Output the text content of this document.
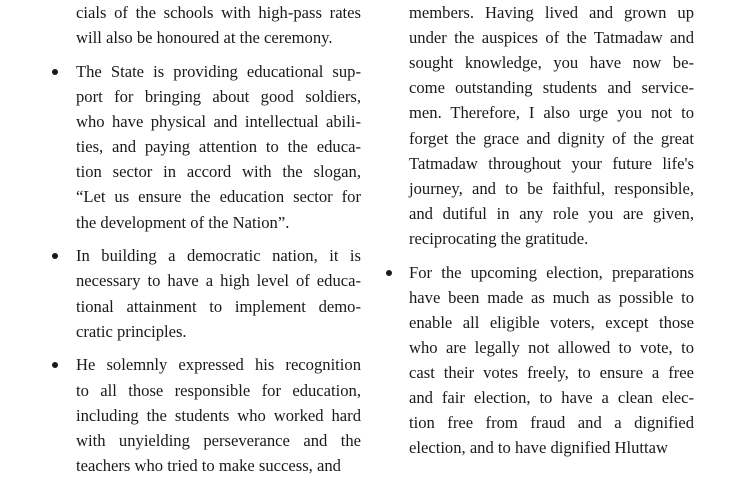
cials of the schools with high-pass rates
will also be honoured at the ceremony.
The State is providing educational sup-
port for bringing about good soldiers,
who have physical and intellectual abili-
ties, and paying attention to the educa-
tion sector in accord with the slogan,
“Let us ensure the education sector for
the development of the Nation”.
In building a democratic nation, it is
necessary to have a high level of educa-
tional attainment to implement demo-
cratic principles.
He solemnly expressed his recognition
to all those responsible for education,
including the students who worked hard
with unyielding perseverance and the
teachers who tried to make success, and
members. Having lived and grown up
under the auspices of the Tatmadaw and
sought knowledge, you have now be-
come outstanding students and service-
men. Therefore, I also urge you not to
forget the grace and dignity of the great
Tatmadaw throughout your future life's
journey, and to be faithful, responsible,
and dutiful in any role you are given,
reciprocating the gratitude.
For the upcoming election, preparations
have been made as much as possible to
enable all eligible voters, except those
who are legally not allowed to vote, to
cast their votes freely, to ensure a free
and fair election, to have a clean elec-
tion free from fraud and a dignified
election, and to have dignified Hluttaw
